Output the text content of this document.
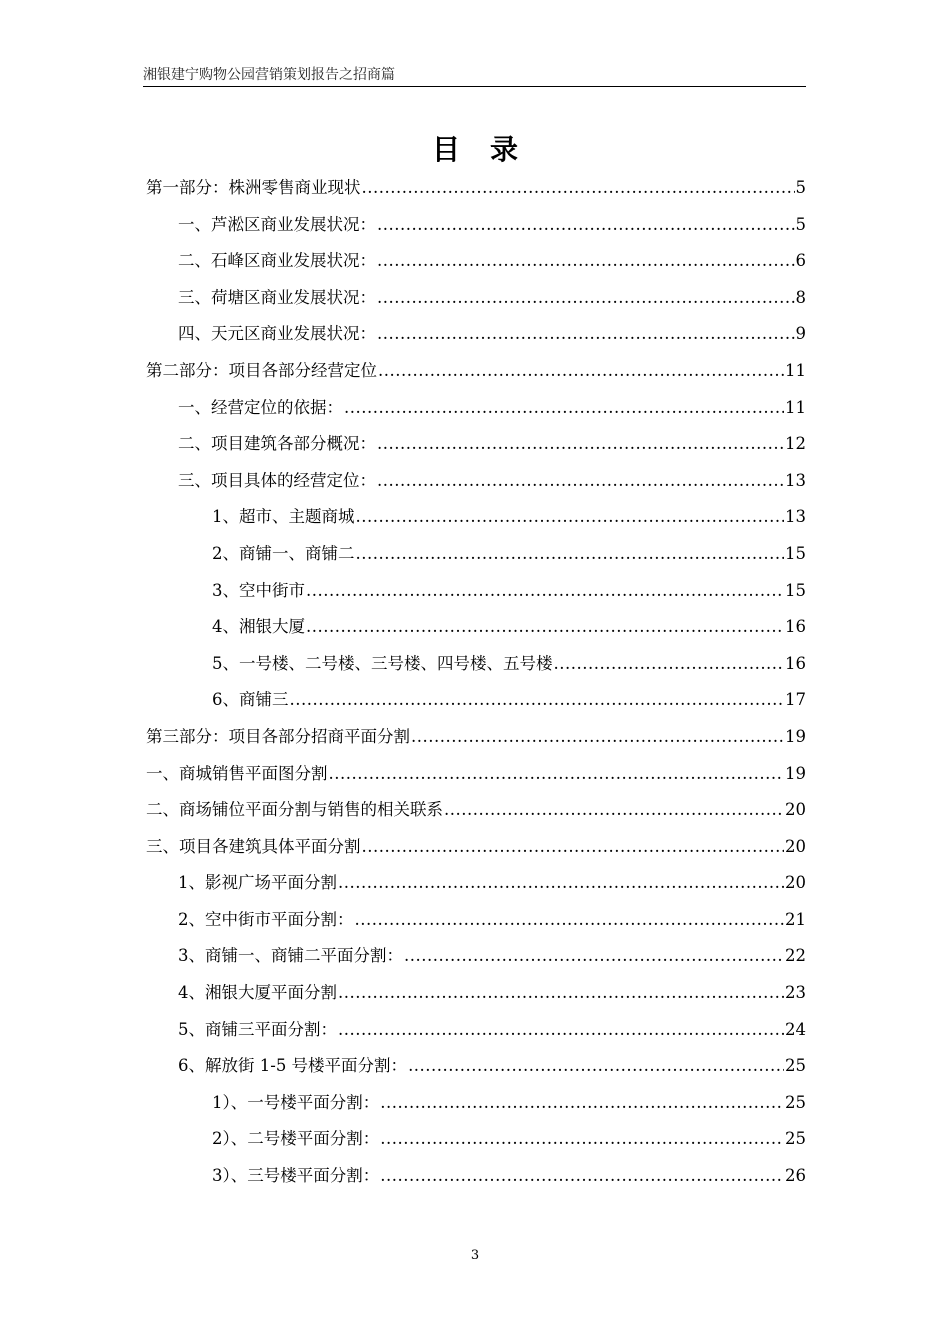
湘银建宁购物公园营销策划报告之招商篇
目录
第一部分：株洲零售商业现状 .....	5
一、芦淞区商业发展状况： .....	5
二、石峰区商业发展状况： .....	6
三、荷塘区商业发展状况： .....	8
四、天元区商业发展状况： .....	9
第二部分：项目各部分经营定位 .....	11
一、经营定位的依据： .....	11
二、项目建筑各部分概况： .....	12
三、项目具体的经营定位： .....	13
1、超市、主题商城 .....	13
2、商铺一、商铺二 .....	15
3、空中街市 .....	15
4、湘银大厦 .....	16
5、一号楼、二号楼、三号楼、四号楼、五号楼 .....	16
6、商铺三 .....	17
第三部分：项目各部分招商平面分割 .....	19
一、商城销售平面图分割 .....	19
二、商场铺位平面分割与销售的相关联系 .....	20
三、项目各建筑具体平面分割 .....	20
1、影视广场平面分割 .....	20
2、空中街市平面分割： .....	21
3、商铺一、商铺二平面分割： .....	22
4、湘银大厦平面分割 .....	23
5、商铺三平面分割： .....	24
6、解放街 1-5 号楼平面分割： .....	25
1）、一号楼平面分割： .....	25
2）、二号楼平面分割： .....	25
3）、三号楼平面分割： .....	26
3
